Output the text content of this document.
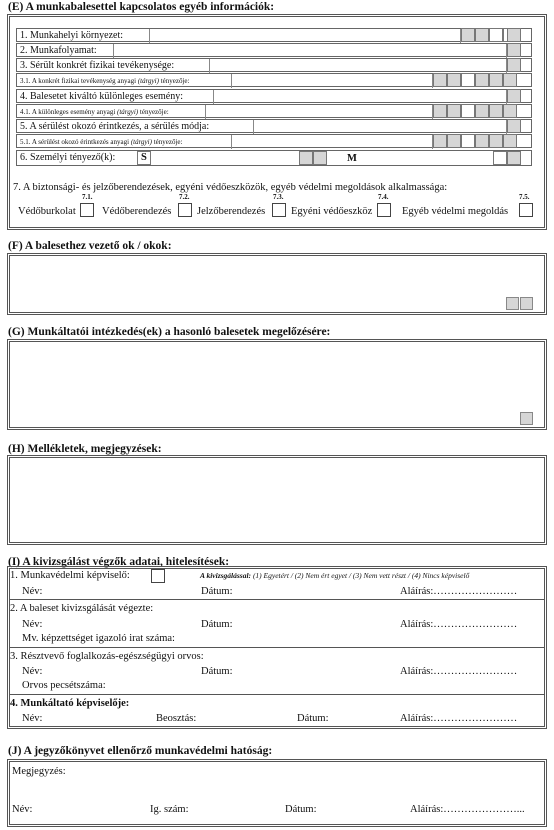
(E) A munkabalesettel kapcsolatos egyéb információk:
1. Munkahelyi környezet:
2. Munkafolyamat:
3. Sérült konkrét fizikai tevékenysége:
3.1. A konkrét fizikai tevékenység anyagi (tárgyi) tényezője:
4. Balesetet kiváltó különleges esemény:
4.1. A különleges esemény anyagi (tárgyi) tényezője:
5. A sérülést okozó érintkezés, a sérülés módja:
5.1. A sérülést okozó érintkezés anyagi (tárgyi) tényezője:
6. Személyi tényező(k): S	M
7. A biztonsági- és jelzőberendezések, egyéni védőeszközök, egyéb védelmi megoldások alkalmassága:
7.1.
Védőburkolat
7.2.
Védőberendezés
7.3.
Jelzőberendezés
7.4.
Egyéni védőeszköz
7.5.
Egyéb védelmi megoldás
(F) A balesethez vezető ok / okok:
(G) Munkáltatói intézkedés(ek) a hasonló balesetek megelőzésére:
(H) Mellékletek, megjegyzések:
(I) A kivizsgálást végzők adatai, hitelesítések:
1. Munkavédelmi képviselő:	A kivizsgálással: (1) Egyetért / (2) Nem ért egyet / (3) Nem vett részt / (4) Nincs képviselő
Név:	Dátum:	Aláírás:……………………
2. A baleset kivizsgálását végezte:
Név:	Dátum:	Aláírás:……………………
Mv. képzettséget igazoló irat száma:
3. Résztvevő foglalkozás-egészségügyi orvos:
Név:	Dátum:	Aláírás:……………………
Orvos pecsétszáma:
4. Munkáltató képviselője:
Név:	Beosztás:	Dátum:	Aláírás:……………………
(J) A jegyzőkönyvet ellenőrző munkavédelmi hatóság:
Megjegyzés:
Név:	Ig. szám:	Dátum:	Aláírás:…………………...
